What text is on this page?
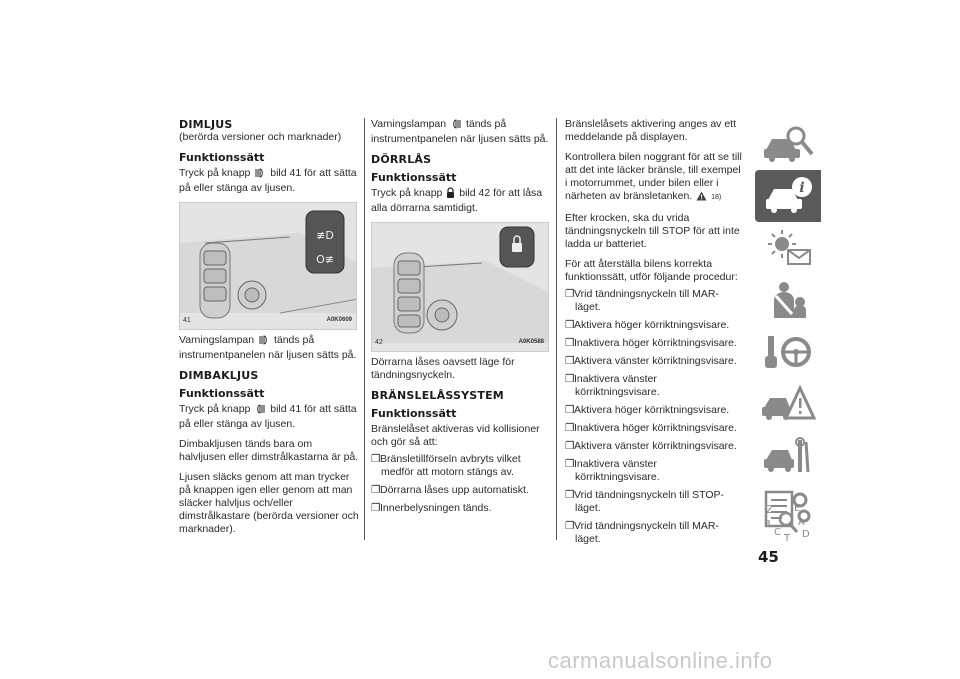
DIMLJUS

(berörda versioner och marknader)

Funktionssätt

Tryck på knapp bild 41 för att sätta på eller stänga av ljusen.

≢D
O≢
41	A0K0609

Varningslampan tänds på instrumentpanelen när ljusen sätts på.

DIMBAKLJUS
Funktionssätt

Tryck på knapp bild 41 för att sätta på eller stänga av ljusen.

Dimbakljusen tänds bara om halvljusen eller dimstrålkastarna är på.

Ljusen släcks genom att man trycker på knappen igen eller genom att man släcker halvljus och/eller dimstrålkastare (berörda versioner och marknader).

Varningslampan tänds på instrumentpanelen när ljusen sätts på.

DÖRRLÅS
Funktionssätt

Tryck på knapp bild 42 för att låsa alla dörrarna samtidigt.

42	A0K0588

Dörrarna låses oavsett läge för tändningsnyckeln.

BRÄNSLELÅSSYSTEM
Funktionssätt

Bränslelåset aktiveras vid kollisioner och gör så att:

❒Bränsletillförseln avbryts vilket medför att motorn stängs av.
❒Dörrarna låses upp automatiskt.
❒Innerbelysningen tänds.

Bränslelåsets aktivering anges av ett meddelande på displayen.

Kontrollera bilen noggrant för att se till att det inte läcker bränsle, till exempel i motorrummet, under bilen eller i närheten av bränsletanken.	18)

Efter krocken, ska du vrida tändningsnyckeln till STOP för att inte ladda ur batteriet.

För att återställa bilens korrekta funktionssätt, utför följande procedur:

❒Vrid tändningsnyckeln till MAR-läget.
❒Aktivera höger körriktningsvisare.
❒Inaktivera höger körriktningsvisare.
❒Aktivera vänster körriktningsvisare.
❒Inaktivera vänster körriktningsvisare.
❒Aktivera höger körriktningsvisare.
❒Inaktivera höger körriktningsvisare.
❒Aktivera vänster körriktningsvisare.
❒Inaktivera vänster körriktningsvisare.
❒Vrid tändningsnyckeln till STOP-läget.
❒Vrid tändningsnyckeln till MAR-läget.
i
Z E
B	A
C
T D
45
carmanualsonline.info
